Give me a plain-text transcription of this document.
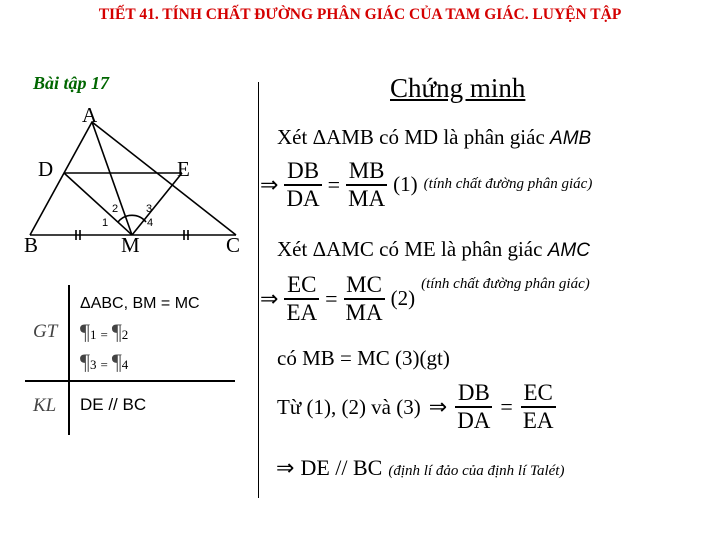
TIẾT 41. TÍNH CHẤT ĐƯỜNG PHÂN GIÁC CỦA TAM GIÁC. LUYỆN TẬP
Bài tập 17	Chứng minh
A
D	E
B	M	C
1
2	3
4
GT
ΔABC, BM = MC
¶1 = ¶2
¶3 = ¶4
KL DE // BC
Xét ΔAMB có MD là phân giác AMB
⇒ $\frac{DB}{DA} = \frac{MB}{MA} (1)$ (tính chất đường phân giác)
Xét ΔAMC có ME là phân giác AMC
⇒ $\frac{EC}{EA} = \frac{MC}{MA} (2)$
(tính chất đường phân giác)
có MB = MC (3)(gt)
Từ (1), (2) và (3) ⇒ $\frac{DB}{DA} = \frac{EC}{EA}$
⇒ DE // BC (định lí đảo của định lí Talét)
